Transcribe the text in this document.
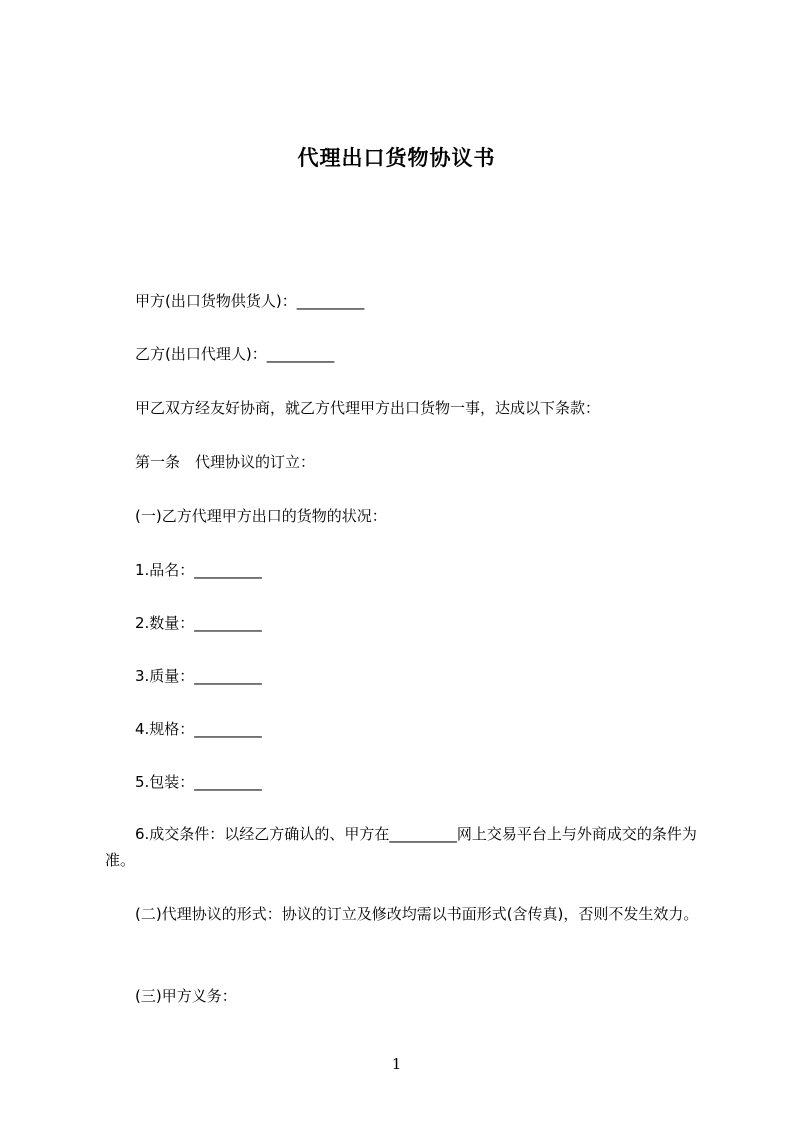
代理出口货物协议书
甲方(出口货物供货人)：_________
乙方(出口代理人)：_________
甲乙双方经友好协商，就乙方代理甲方出口货物一事，达成以下条款：
第一条　代理协议的订立：
(一)乙方代理甲方出口的货物的状况：
1.品名：_________
2.数量：_________
3.质量：_________
4.规格：_________
5.包装：_________
6.成交条件：以经乙方确认的、甲方在_________网上交易平台上与外商成交的条件为准。
(二)代理协议的形式：协议的订立及修改均需以书面形式(含传真)，否则不发生效力。
(三)甲方义务：
1
